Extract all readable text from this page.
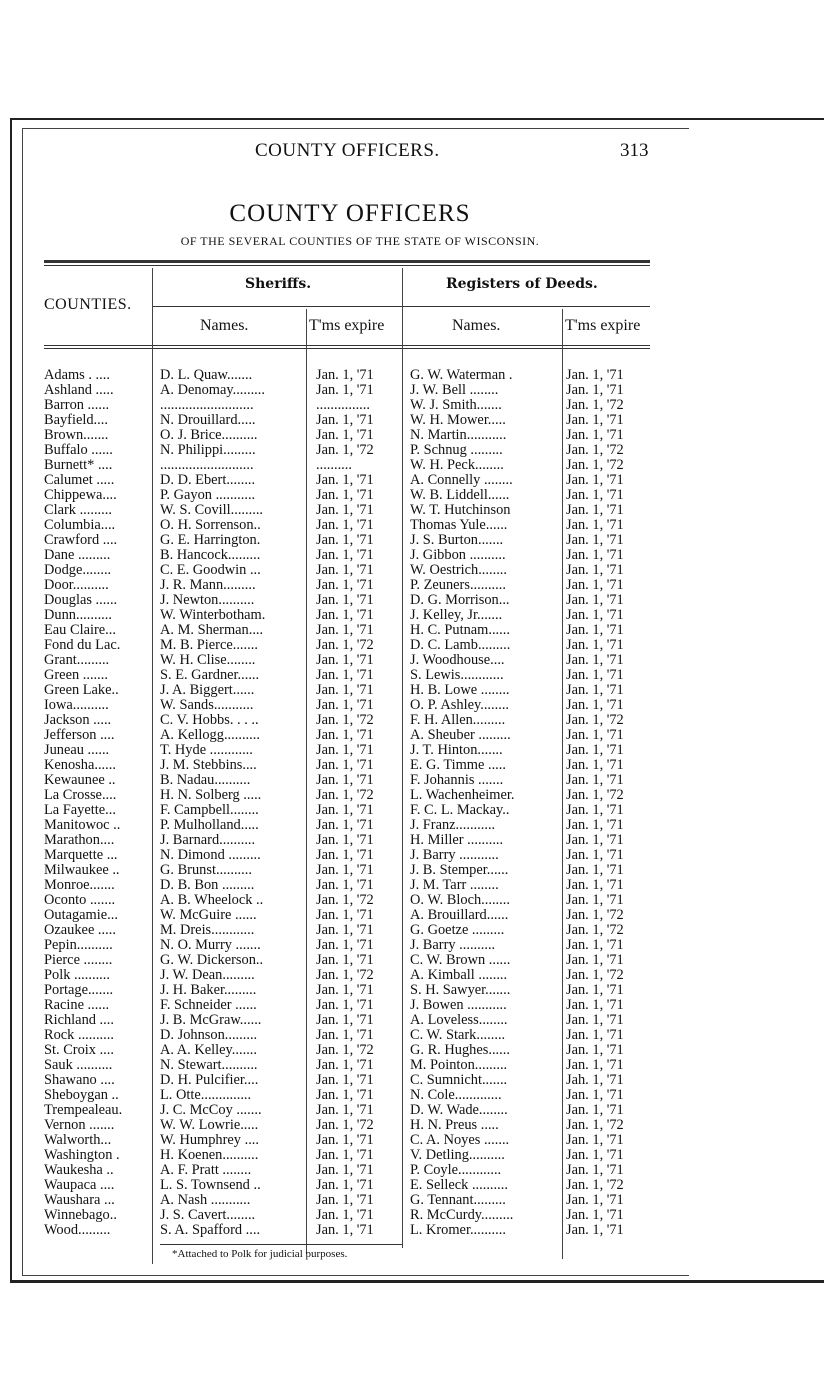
COUNTY OFFICERS.	313
COUNTY OFFICERS
OF THE SEVERAL COUNTIES OF THE STATE OF WISCONSIN.
COUNTIES.
Sheriffs.	Registers of Deeds.
Names.	T'ms expire	Names.	T'ms expire
Adams . ....	D. L. Quaw.......	Jan. 1, '71	G. W. Waterman .	Jan. 1, '71
Ashland .....	A. Denomay.........	Jan. 1, '71	J. W. Bell ........	Jan. 1, '71
Barron ......	..........................	...............	W. J. Smith.......	Jan. 1, '72
Bayfield....	N. Drouillard.....	Jan. 1, '71	W. H. Mower.....	Jan. 1, '71
Brown.......	O. J. Brice..........	Jan. 1, '71	N. Martin...........	Jan. 1, '71
Buffalo ......	N. Philippi.........	Jan. 1, '72	P. Schnug .........	Jan. 1, '72
Burnett* ....	..........................	..........	W. H. Peck........	Jan. 1, '72
Calumet .....	D. D. Ebert........	Jan. 1, '71	A. Connelly ........	Jan. 1, '71
Chippewa....	P. Gayon ...........	Jan. 1, '71	W. B. Liddell......	Jan. 1, '71
Clark .........	W. S. Covill.........	Jan. 1, '71	W. T. Hutchinson	Jan. 1, '71
Columbia....	O. H. Sorrenson..	Jan. 1, '71	Thomas Yule......	Jan. 1, '71
Crawford ....	G. E. Harrington.	Jan. 1, '71	J. S. Burton.......	Jan. 1, '71
Dane .........	B. Hancock.........	Jan. 1, '71	J. Gibbon ..........	Jan. 1, '71
Dodge........	C. E. Goodwin ...	Jan. 1, '71	W. Oestrich........	Jan. 1, '71
Door..........	J. R. Mann.........	Jan. 1, '71	P. Zeuners..........	Jan. 1, '71
Douglas ......	J. Newton..........	Jan. 1, '71	D. G. Morrison...	Jan. 1, '71
Dunn..........	W. Winterbotham.	Jan. 1, '71	J. Kelley, Jr.......	Jan. 1, '71
Eau Claire...	A. M. Sherman....	Jan. 1, '71	H. C. Putnam......	Jan. 1, '71
Fond du Lac.	M. B. Pierce.......	Jan. 1, '72	D. C. Lamb.........	Jan. 1, '71
Grant.........	W. H. Clise........	Jan. 1, '71	J. Woodhouse....	Jan. 1, '71
Green .......	S. E. Gardner......	Jan. 1, '71	S. Lewis............	Jan. 1, '71
Green Lake..	J. A. Biggert......	Jan. 1, '71	H. B. Lowe ........	Jan. 1, '71
Iowa..........	W. Sands...........	Jan. 1, '71	O. P. Ashley........	Jan. 1, '71
Jackson .....	C. V. Hobbs. . . ..	Jan. 1, '72	F. H. Allen.........	Jan. 1, '72
Jefferson ....	A. Kellogg..........	Jan. 1, '71	A. Sheuber .........	Jan. 1, '71
Juneau ......	T. Hyde ............	Jan. 1, '71	J. T. Hinton.......	Jan. 1, '71
Kenosha......	J. M. Stebbins....	Jan. 1, '71	E. G. Timme .....	Jan. 1, '71
Kewaunee ..	B. Nadau..........	Jan. 1, '71	F. Johannis .......	Jan. 1, '71
La Crosse....	H. N. Solberg .....	Jan. 1, '72	L. Wachenheimer.	Jan. 1, '72
La Fayette...	F. Campbell........	Jan. 1, '71	F. C. L. Mackay..	Jan. 1, '71
Manitowoc ..	P. Mulholland.....	Jan. 1, '71	J. Franz...........	Jan. 1, '71
Marathon....	J. Barnard..........	Jan. 1, '71	H. Miller ..........	Jan. 1, '71
Marquette ...	N. Dimond .........	Jan. 1, '71	J. Barry ...........	Jan. 1, '71
Milwaukee ..	G. Brunst..........	Jan. 1, '71	J. B. Stemper......	Jan. 1, '71
Monroe.......	D. B. Bon .........	Jan. 1, '71	J. M. Tarr ........	Jan. 1, '71
Oconto .......	A. B. Wheelock ..	Jan. 1, '72	O. W. Bloch........	Jan. 1, '71
Outagamie...	W. McGuire ......	Jan. 1, '71	A. Brouillard......	Jan. 1, '72
Ozaukee .....	M. Dreis............	Jan. 1, '71	G. Goetze .........	Jan. 1, '72
Pepin..........	N. O. Murry .......	Jan. 1, '71	J. Barry ..........	Jan. 1, '71
Pierce ........	G. W. Dickerson..	Jan. 1, '71	C. W. Brown ......	Jan. 1, '71
Polk ..........	J. W. Dean.........	Jan. 1, '72	A. Kimball ........	Jan. 1, '72
Portage.......	J. H. Baker.........	Jan. 1, '71	S. H. Sawyer.......	Jan. 1, '71
Racine ......	F. Schneider ......	Jan. 1, '71	J. Bowen ...........	Jan. 1, '71
Richland ....	J. B. McGraw......	Jan. 1, '71	A. Loveless........	Jan. 1, '71
Rock ..........	D. Johnson.........	Jan. 1, '71	C. W. Stark........	Jan. 1, '71
St. Croix ....	A. A. Kelley.......	Jan. 1, '72	G. R. Hughes......	Jan. 1, '71
Sauk ..........	N. Stewart..........	Jan. 1, '71	M. Pointon.........	Jan. 1, '71
Shawano ....	D. H. Pulcifier....	Jan. 1, '71	C. Sumnicht.......	Jah. 1, '71
Sheboygan ..	L. Otte..............	Jan. 1, '71	N. Cole.............	Jan. 1, '71
Trempealeau.	J. C. McCoy .......	Jan. 1, '71	D. W. Wade........	Jan. 1, '71
Vernon .......	W. W. Lowrie.....	Jan. 1, '72	H. N. Preus .....	Jan. 1, '72
Walworth...	W. Humphrey ....	Jan. 1, '71	C. A. Noyes .......	Jan. 1, '71
Washington .	H. Koenen..........	Jan. 1, '71	V. Detling..........	Jan. 1, '71
Waukesha ..	A. F. Pratt ........	Jan. 1, '71	P. Coyle............	Jan. 1, '71
Waupaca ....	L. S. Townsend ..	Jan. 1, '71	E. Selleck ..........	Jan. 1, '72
Waushara ...	A. Nash ...........	Jan. 1, '71	G. Tennant.........	Jan. 1, '71
Winnebago..	J. S. Cavert........	Jan. 1, '71	R. McCurdy.........	Jan. 1, '71
Wood.........	S. A. Spafford ....	Jan. 1, '71	L. Kromer..........	Jan. 1, '71
*Attached to Polk for judicial purposes.
